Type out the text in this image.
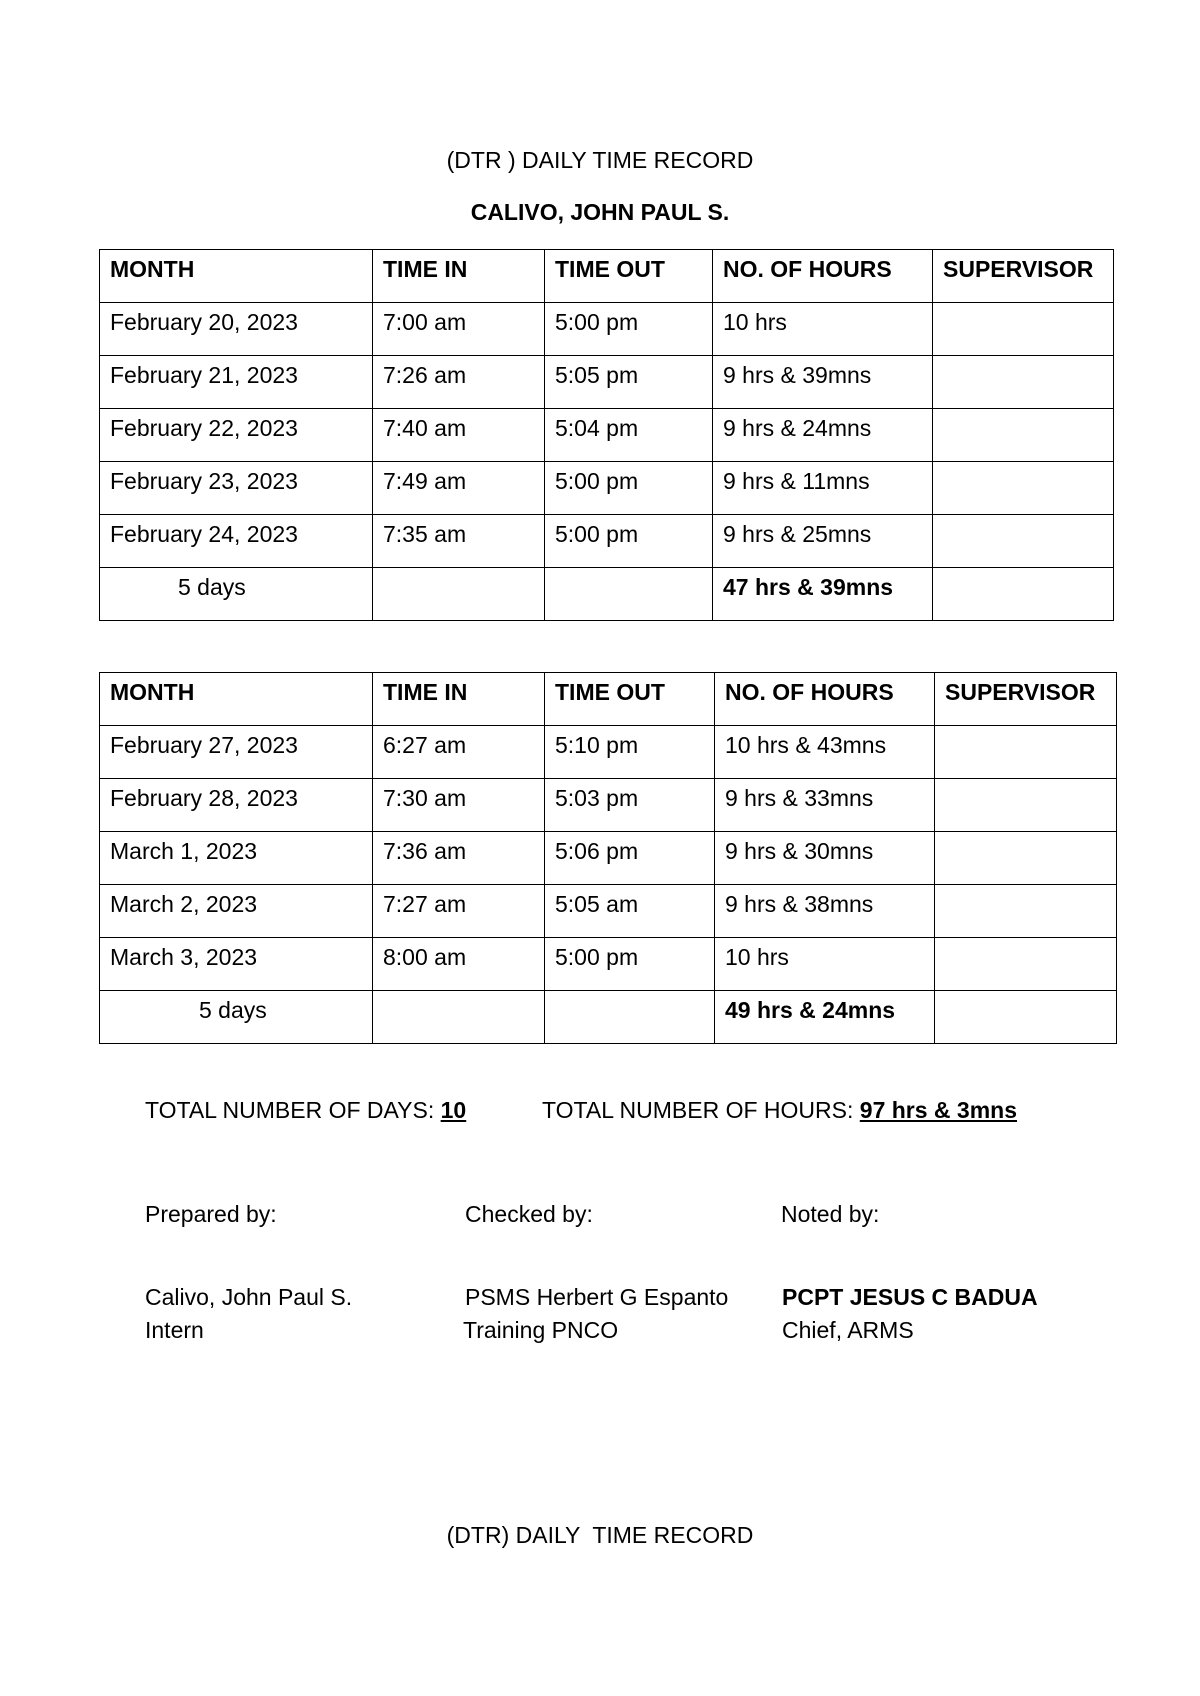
(DTR ) DAILY TIME RECORD
CALIVO, JOHN PAUL S.
MONTH	TIME IN	TIME OUT	NO. OF HOURS	SUPERVISOR
February 20, 2023	7:00 am	5:00 pm	10 hrs	
February 21, 2023	7:26 am	5:05 pm	9 hrs & 39mns	
February 22, 2023	7:40 am	5:04 pm	9 hrs & 24mns	
February 23, 2023	7:49 am	5:00 pm	9 hrs & 11mns	
February 24, 2023	7:35 am	5:00 pm	9 hrs & 25mns	
5 days			47 hrs & 39mns	
MONTH	TIME IN	TIME OUT	NO. OF HOURS	SUPERVISOR
February 27, 2023	6:27 am	5:10 pm	10 hrs & 43mns	
February 28, 2023	7:30 am	5:03 pm	9 hrs & 33mns	
March 1, 2023	7:36 am	5:06 pm	9 hrs & 30mns	
March 2, 2023	7:27 am	5:05 am	9 hrs & 38mns	
March 3, 2023	8:00 am	5:00 pm	10 hrs	
5 days			49 hrs & 24mns	
TOTAL NUMBER OF DAYS: 10	TOTAL NUMBER OF HOURS: 97 hrs & 3mns
Prepared by:	Checked by:	Noted by:
Calivo, John Paul S.
Intern
PSMS Herbert G Espanto
Training PNCO
PCPT JESUS C BADUA
Chief, ARMS
(DTR) DAILY  TIME RECORD
